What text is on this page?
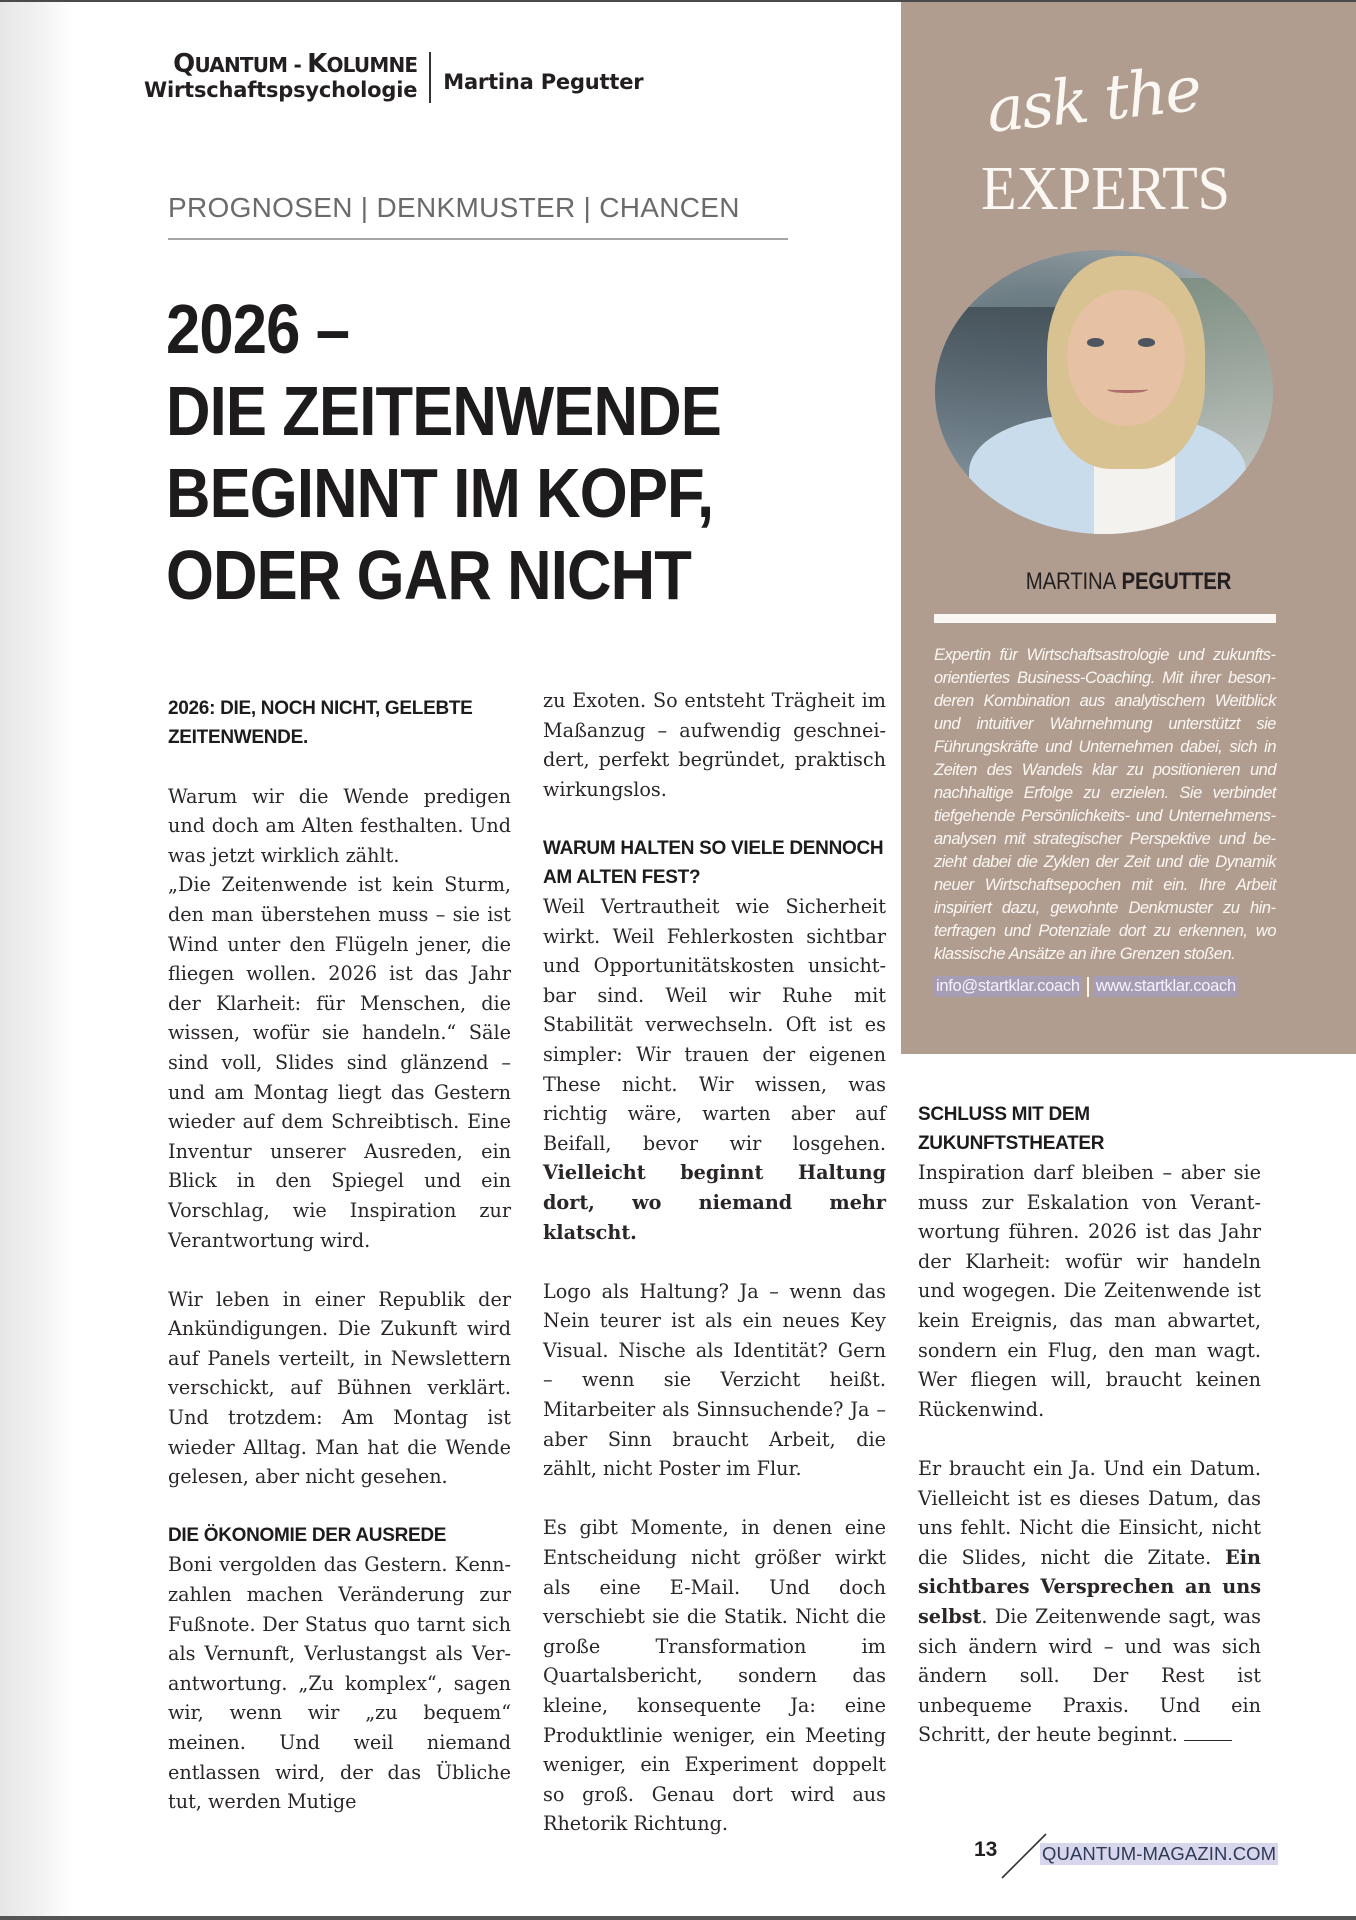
QUANTUM - KOLUMNE
Wirtschaftspsychologie Martina Pegutter
PROGNOSEN | DENKMUSTER | CHANCEN
2026 –
DIE ZEITENWENDE
BEGINNT IM KOPF,
ODER GAR NICHT
2026: DIE, NOCH NICHT, GELEBTE ZEITENWENDE.

Warum wir die Wende predigen und doch am Alten festhalten. Und was jetzt wirklich zählt.

„Die Zeitenwende ist kein Sturm, den man überstehen muss – sie ist Wind unter den Flügeln jener, die fliegen wollen. 2026 ist das Jahr der Klarheit: für Menschen, die wissen, wofür sie handeln.“ Säle sind voll, Slides sind glänzend – und am Montag liegt das Gestern wieder auf dem Schreibtisch. Eine Inventur unserer Ausreden, ein Blick in den Spiegel und ein Vorschlag, wie Inspiration zur Verantwortung wird.

Wir leben in einer Republik der Ankündigungen. Die Zukunft wird auf Panels verteilt, in Newslettern verschickt, auf Bühnen verklärt. Und trotzdem: Am Montag ist wieder Alltag. Man hat die Wende gelesen, aber nicht gesehen.

DIE ÖKONOMIE DER AUSREDE

Boni vergolden das Gestern. Kennzahlen machen Veränderung zur Fußnote. Der Status quo tarnt sich als Vernunft, Verlustangst als Verantwortung. „Zu komplex“, sagen wir, wenn wir „zu bequem“ meinen. Und weil niemand entlassen wird, der das Übliche tut, werden Mutige

zu Exoten. So entsteht Trägheit im Maßanzug – aufwendig geschneidert, perfekt begründet, praktisch wirkungslos.

WARUM HALTEN SO VIELE DENNOCH AM ALTEN FEST?

Weil Vertrautheit wie Sicherheit wirkt. Weil Fehlerkosten sichtbar und Opportunitätskosten unsichtbar sind. Weil wir Ruhe mit Stabilität verwechseln. Oft ist es simpler: Wir trauen der eigenen These nicht. Wir wissen, was richtig wäre, warten aber auf Beifall, bevor wir losgehen. Vielleicht beginnt Haltung dort, wo niemand mehr klatscht.

Logo als Haltung? Ja – wenn das Nein teurer ist als ein neues Key Visual. Nische als Identität? Gern – wenn sie Verzicht heißt. Mitarbeiter als Sinnsuchende? Ja – aber Sinn braucht Arbeit, die zählt, nicht Poster im Flur.

Es gibt Momente, in denen eine Entscheidung nicht größer wirkt als eine E-Mail. Und doch verschiebt sie die Statik. Nicht die große Transformation im Quartalsbericht, sondern das kleine, konsequente Ja: eine Produktlinie weniger, ein Meeting weniger, ein Experiment doppelt so groß. Genau dort wird aus Rhetorik Richtung.

SCHLUSS MIT DEM ZUKUNFTSTHEATER

Inspiration darf bleiben – aber sie muss zur Eskalation von Verantwortung führen. 2026 ist das Jahr der Klarheit: wofür wir handeln und wogegen. Die Zeitenwende ist kein Ereignis, das man abwartet, sondern ein Flug, den man wagt. Wer fliegen will, braucht keinen Rückenwind.

Er braucht ein Ja. Und ein Datum. Vielleicht ist es dieses Datum, das uns fehlt. Nicht die Einsicht, nicht die Slides, nicht die Zitate. Ein sichtbares Versprechen an uns selbst. Die Zeitenwende sagt, was sich ändern wird – und was sich ändern soll. Der Rest ist unbequeme Praxis. Und ein Schritt, der heute beginnt.

ask the
EXPERTS
MARTINA PEGUTTER
Expertin für Wirtschaftsastrologie und zukunftsorientiertes Business-Coaching. Mit ihrer besonderen Kombination aus analytischem Weitblick und intuitiver Wahrnehmung unterstützt sie Führungskräfte und Unternehmen dabei, sich in Zeiten des Wandels klar zu positionieren und nachhaltige Erfolge zu erzielen. Sie verbindet tiefgehende Persönlichkeits- und Unternehmensanalysen mit strategischer Perspektive und bezieht dabei die Zyklen der Zeit und die Dynamik neuer Wirtschaftsepochen mit ein. Ihre Arbeit inspiriert dazu, gewohnte Denkmuster zu hinterfragen und Potenziale dort zu erkennen, wo klassische Ansätze an ihre Grenzen stoßen.
info@startklar.coach www.startklar.coach
13 QUANTUM-MAGAZIN.COM
